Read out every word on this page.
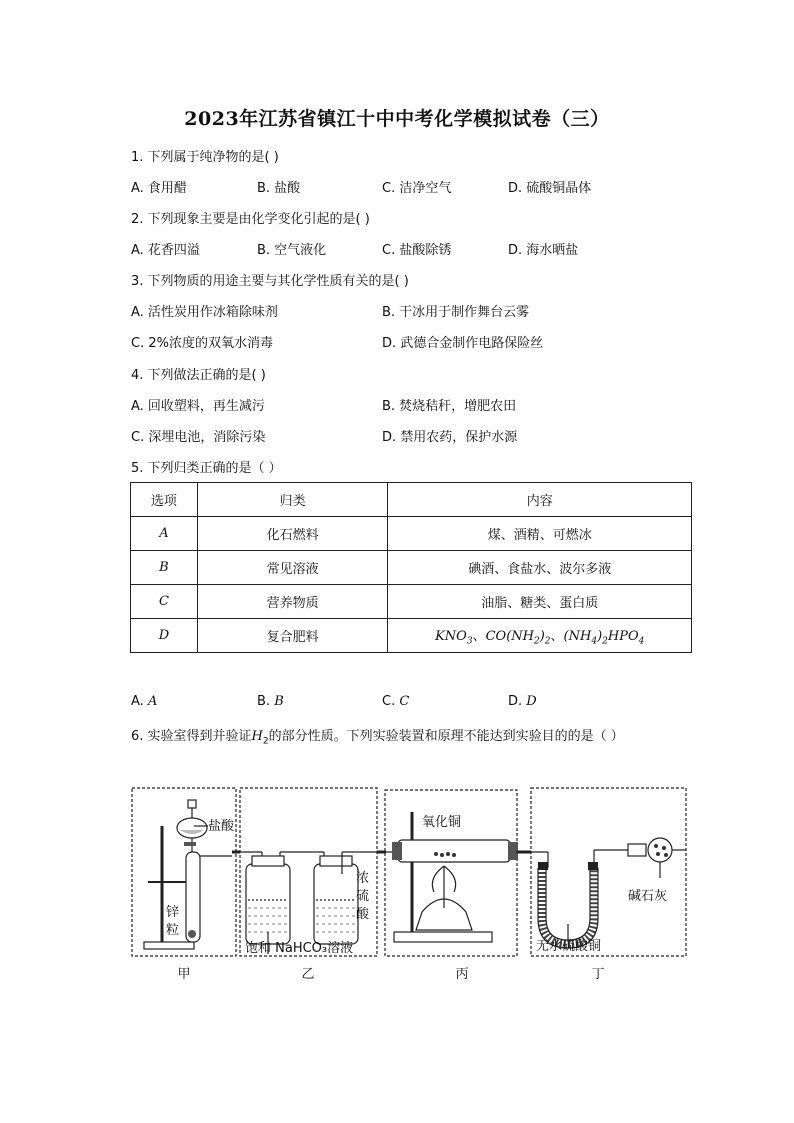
2023年江苏省镇江十中中考化学模拟试卷（三）
1. 下列属于纯净物的是( )
A. 食用醋	B. 盐酸	C. 洁净空气	D. 硫酸铜晶体
2. 下列现象主要是由化学变化引起的是( )
A. 花香四溢	B. 空气液化	C. 盐酸除锈	D. 海水晒盐
3. 下列物质的用途主要与其化学性质有关的是( )
A. 活性炭用作冰箱除味剂	B. 干冰用于制作舞台云雾
C. 2%浓度的双氧水消毒	D. 武德合金制作电路保险丝
4. 下列做法正确的是( )
A. 回收塑料，再生减污	B. 焚烧秸秆，增肥农田
C. 深埋电池，消除污染	D. 禁用农药，保护水源
5. 下列归类正确的是（ ）
选项	归类	内容
A	化石燃料	煤、酒精、可燃冰
B	常见溶液	碘酒、食盐水、波尔多液
C	营养物质	油脂、糖类、蛋白质
D	复合肥料	$KNO_3$、$CO(NH_2)_2$、$(NH_4)_2HPO_4$
A. A	B. B	C. C	D. D
6. 实验室得到并验证$H_2$的部分性质。下列实验装置和原理不能达到实验目的的是（ ）
盐酸
锌
粒
饱和 NaHCO₃溶液
浓
硫
酸
氧化铜
碱石灰
无水硫酸铜
甲	乙	丙	丁
